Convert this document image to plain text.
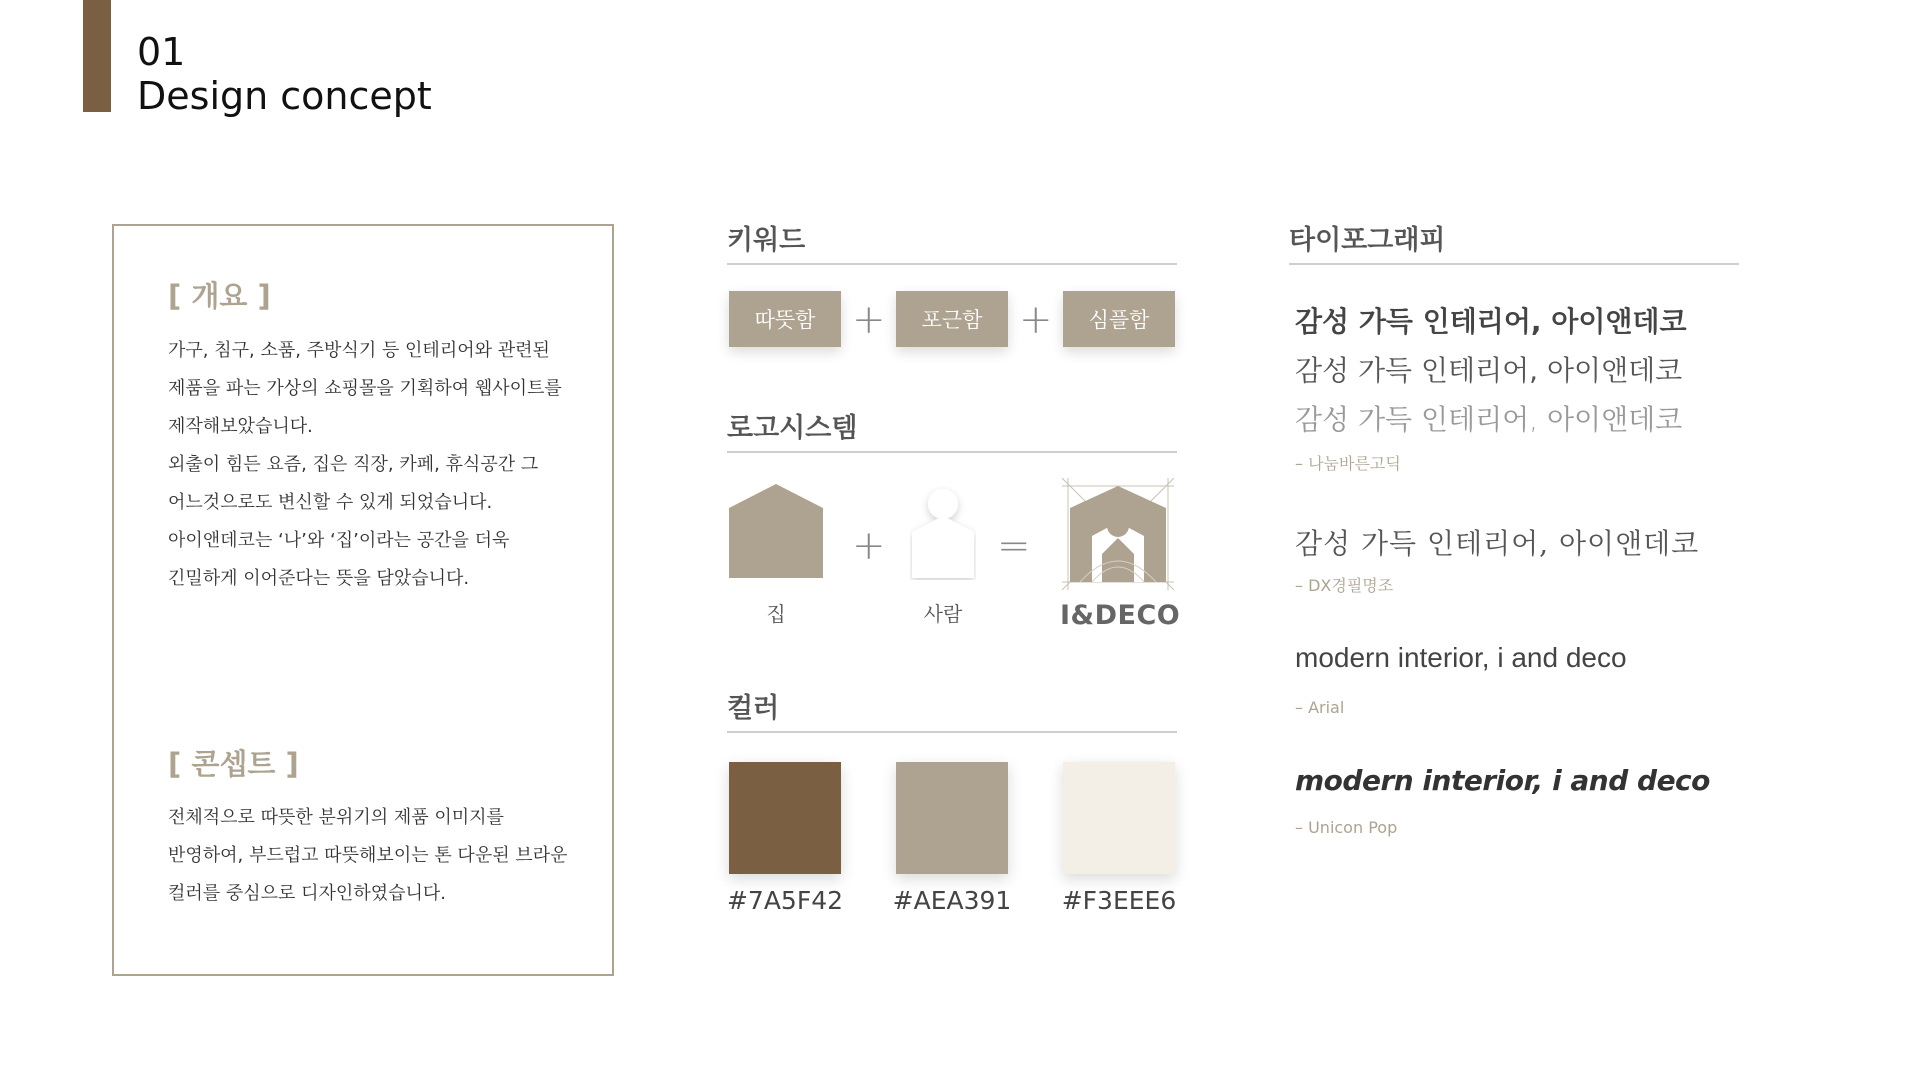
01
Design concept
[ 개요 ]
가구, 침구, 소품, 주방식기 등 인테리어와 관련된
제품을 파는 가상의 쇼핑몰을 기획하여 웹사이트를
제작해보았습니다.
외출이 힘든 요즘, 집은 직장, 카페, 휴식공간 그
어느것으로도 변신할 수 있게 되었습니다.
아이앤데코는 ‘나’와 ‘집’이라는 공간을 더욱
긴밀하게 이어준다는 뜻을 담았습니다.
[ 콘셉트 ]
전체적으로 따뜻한 분위기의 제품 이미지를
반영하여, 부드럽고 따뜻해보이는 톤 다운된 브라운
컬러를 중심으로 디자인하였습니다.
키워드
따뜻함 +	포근함 +	심플함
로고시스템
+	=
집	사람	I&DECO
컬러
#7A5F42	#AEA391	#F3EEE6
타이포그래피
감성 가득 인테리어, 아이앤데코
감성 가득 인테리어, 아이앤데코
감성 가득 인테리어, 아이앤데코
– 나눔바른고딕
감성 가득 인테리어, 아이앤데코
– DX경필명조
modern interior, i and deco
– Arial
modern interior, i and deco
– Unicon Pop
